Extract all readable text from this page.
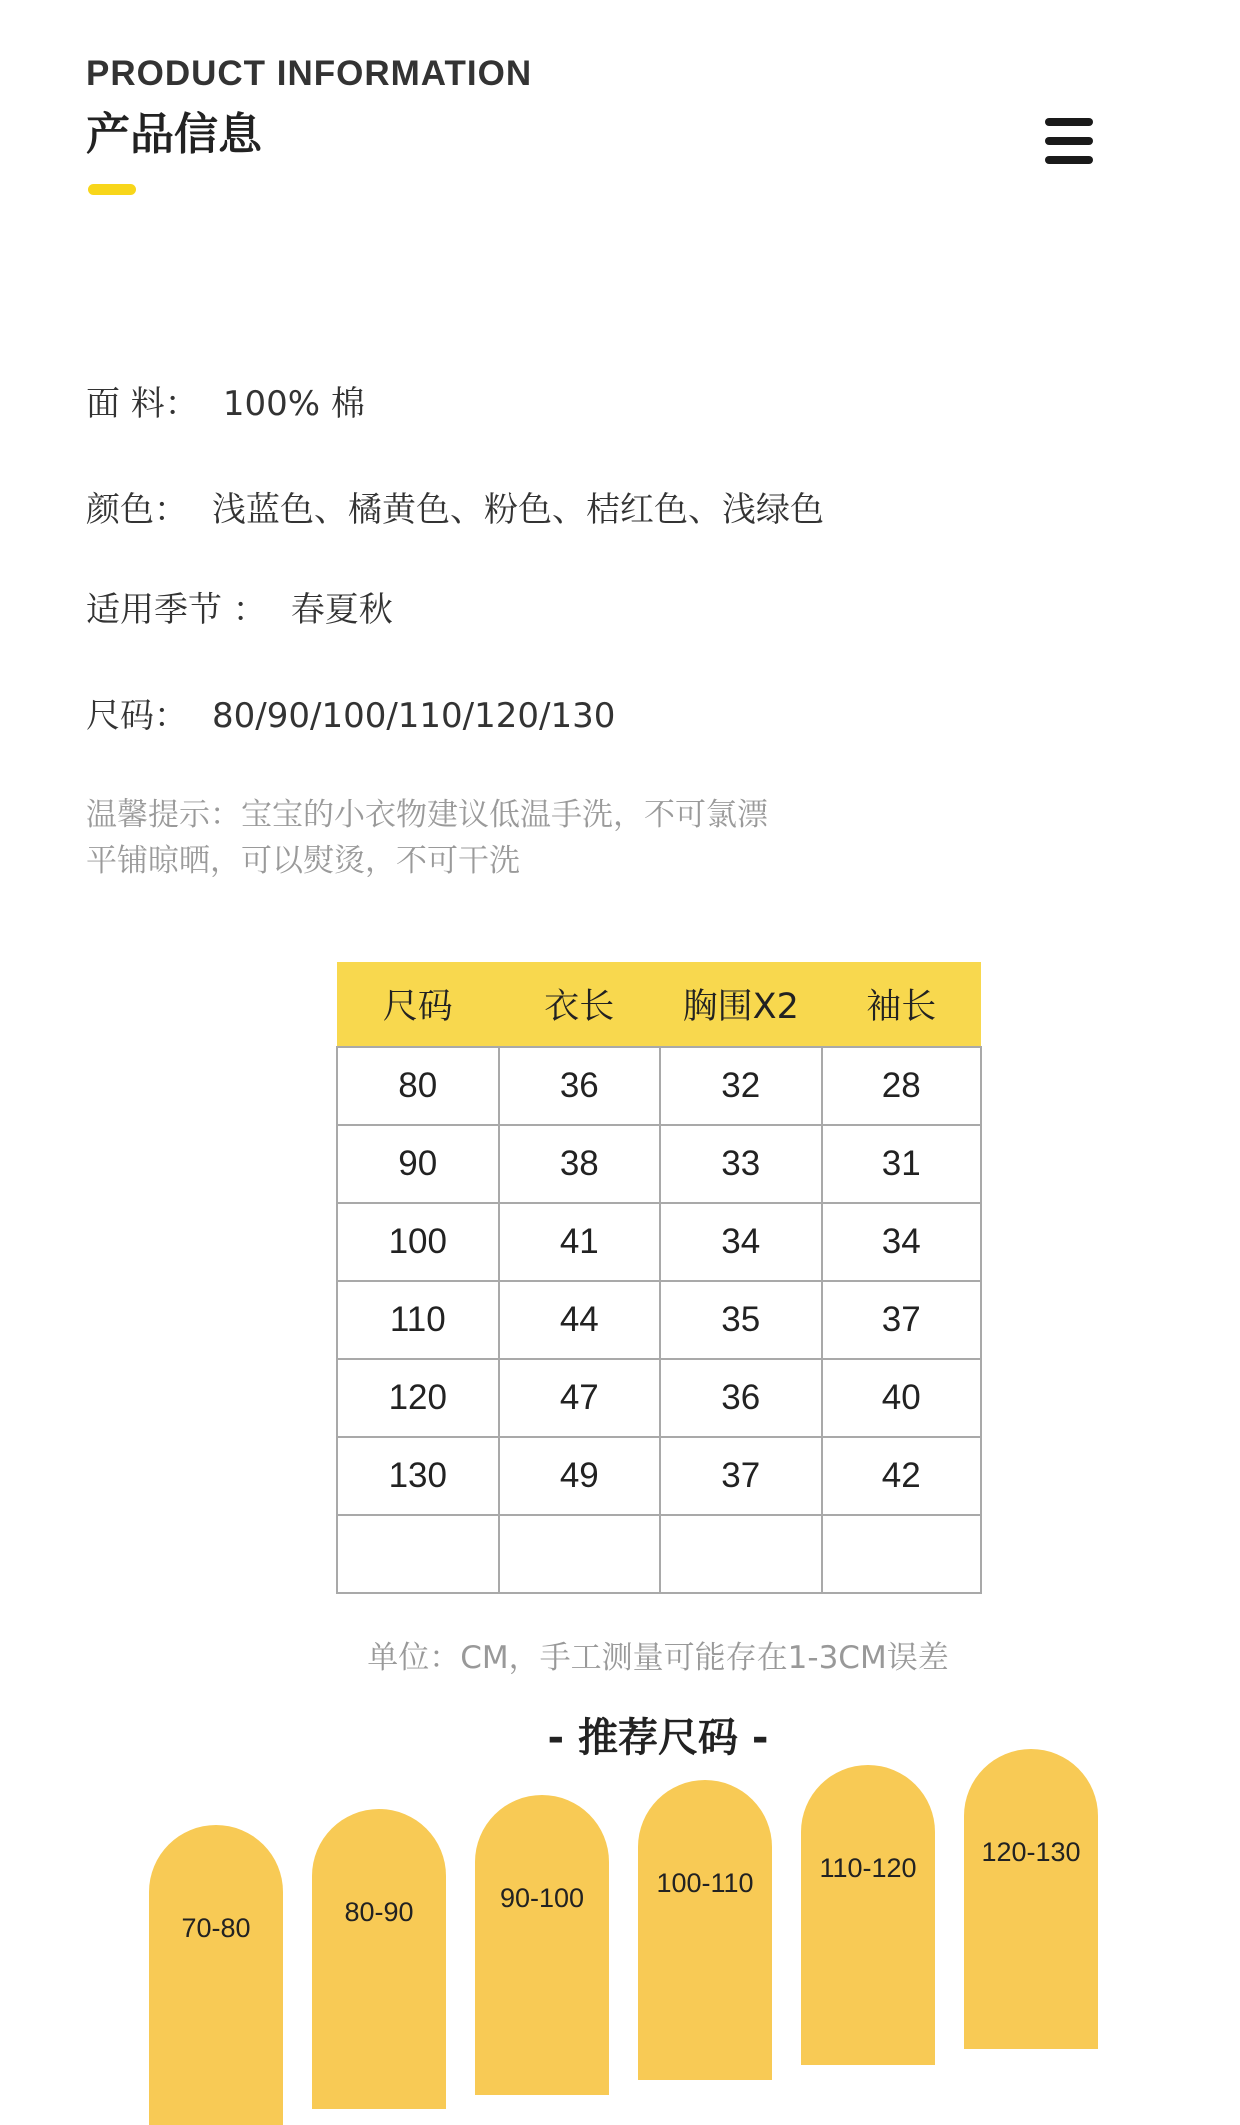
PRODUCT INFORMATION
产品信息
面 料： 100% 棉
颜色： 浅蓝色、橘黄色、粉色、桔红色、浅绿色
适用季节 ： 春夏秋
尺码： 80/90/100/110/120/130
温馨提示：宝宝的小衣物建议低温手洗，不可氯漂
平铺晾晒，可以熨烫，不可干洗
尺码	衣长	胸围X2	袖长
80	36	32	28
90	38	33	31
100	41	34	34
110	44	35	37
120	47	36	40
130	49	37	42

单位：CM，手工测量可能存在1-3CM误差
- 推荐尺码 -
70-80
80-90	90-100	100-110	110-120
120-130
